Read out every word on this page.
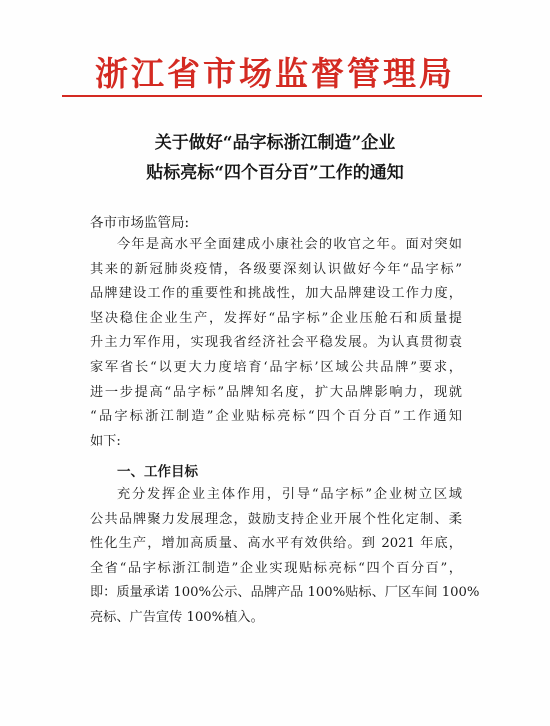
浙江省市场监督管理局
关于做好“品字标浙江制造”企业
贴标亮标“四个百分百”工作的通知
各市市场监管局:
今年是高水平全面建成小康社会的收官之年。面对突如
其来的新冠肺炎疫情，各级要深刻认识做好今年“品字标”
品牌建设工作的重要性和挑战性，加大品牌建设工作力度，
坚决稳住企业生产，发挥好“品字标”企业压舱石和质量提
升主力军作用，实现我省经济社会平稳发展。为认真贯彻袁
家军省长“以更大力度培育‘品字标’区域公共品牌”要求，
进一步提高“品字标”品牌知名度，扩大品牌影响力，现就
“品字标浙江制造”企业贴标亮标“四个百分百”工作通知
如下:
一、工作目标
充分发挥企业主体作用，引导“品字标”企业树立区域
公共品牌聚力发展理念，鼓励支持企业开展个性化定制、柔
性化生产，增加高质量、高水平有效供给。到 2021 年底，
全省“品字标浙江制造”企业实现贴标亮标“四个百分百”，
即：质量承诺 100%公示、品牌产品 100%贴标、厂区车间 100%
亮标、广告宣传 100%植入。
